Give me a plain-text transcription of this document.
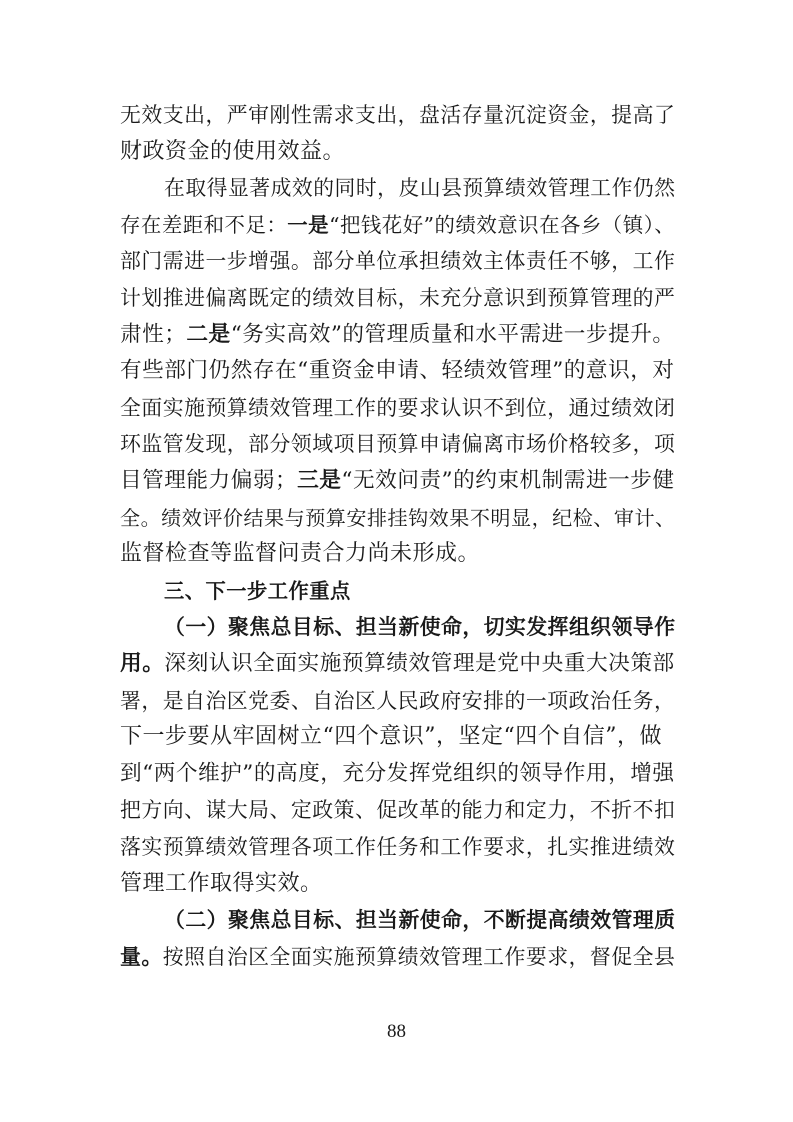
无效支出，严审刚性需求支出，盘活存量沉淀资金，提高了
财政资金的使用效益。
在取得显著成效的同时，皮山县预算绩效管理工作仍然
存在差距和不足：一是“把钱花好”的绩效意识在各乡（镇）、
部门需进一步增强。部分单位承担绩效主体责任不够，工作
计划推进偏离既定的绩效目标，未充分意识到预算管理的严
肃性；二是“务实高效”的管理质量和水平需进一步提升。
有些部门仍然存在“重资金申请、轻绩效管理”的意识，对
全面实施预算绩效管理工作的要求认识不到位，通过绩效闭
环监管发现，部分领域项目预算申请偏离市场价格较多，项
目管理能力偏弱；三是“无效问责”的约束机制需进一步健
全。绩效评价结果与预算安排挂钩效果不明显，纪检、审计、
监督检查等监督问责合力尚未形成。
三、下一步工作重点
（一）聚焦总目标、担当新使命，切实发挥组织领导作
用。深刻认识全面实施预算绩效管理是党中央重大决策部
署，是自治区党委、自治区人民政府安排的一项政治任务，
下一步要从牢固树立“四个意识”，坚定“四个自信”，做
到“两个维护”的高度，充分发挥党组织的领导作用，增强
把方向、谋大局、定政策、促改革的能力和定力，不折不扣
落实预算绩效管理各项工作任务和工作要求，扎实推进绩效
管理工作取得实效。
（二）聚焦总目标、担当新使命，不断提高绩效管理质
量。按照自治区全面实施预算绩效管理工作要求，督促全县
88
